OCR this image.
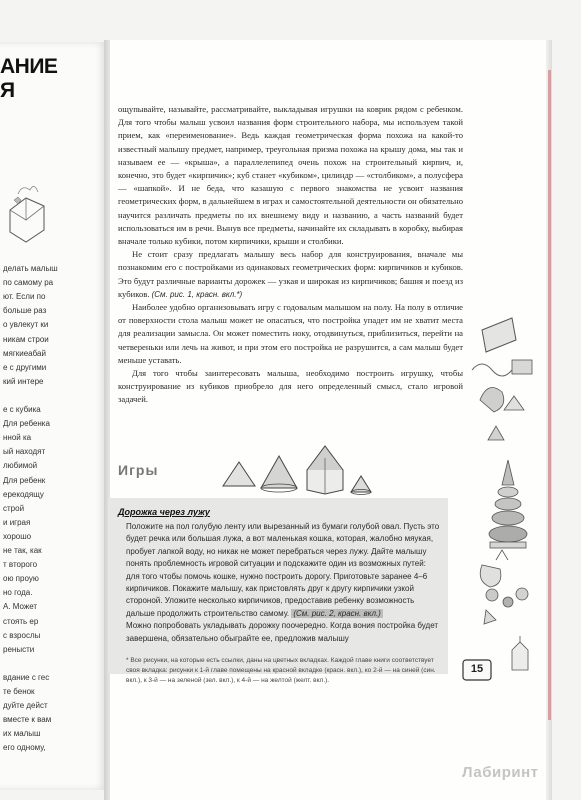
АНИЕ
Я
делать малыш
по самому ра
ют. Если по
больше раз
о увлекут ки
никам строи
мягкиеабай
е с другими
кий интере
е с кубика
Для ребенка
нной ка
ый находят
любимой
Для ребенк
ерекодящу
строй
и играя
хорошо
не так, как
т второго
ою проую
но года.
А. Может
стоять ер
с взрослы
ренысти
вдание с гес
те бенок
дуйте дейст
вместе к вам
их малыш
его одному,

ощупывайте, называйте, рассматривайте, выкладывая игрушки на коврик рядом с ребенком. Для того чтобы малыш усвоил названия форм строительного набора, мы используем такой прием, как «переименование». Ведь каждая геометрическая форма похожа на какой-то известный малышу предмет, например, треугольная призма похожа на крышу дома, мы так и называем ее — «крыша», а параллелепипед очень похож на строительный кирпич, и, конечно, это будет «кирпичик»; куб станет «кубиком», цилиндр — «столбиком», а полусфера — «шапкой». И не беда, что казашую с первого знакомства не усвоит названия геометрических форм, в дальнейшем в играх и самостоятельной деятельности он обязательно научится различать предметы по их внешнему виду и названию, а часть названий будет использоваться им в речи. Вынув все предметы, начинайте их складывать в коробку, выбирая вначале только кубики, потом кирпичики, крыши и столбики.

Не стоит сразу предлагать малышу весь набор для конструирования, вначале мы познакомим его с постройками из одинаковых геометрических форм: кирпичиков и кубиков. Это будут различные варианты дорожек — узкая и широкая из кирпичиков; башня и поезд из кубиков. (См. рис. 1, красн. вкл.*)

Наиболее удобно организовывать игру с годовалым малышом на полу. На полу в отличие от поверхности стола малыш может не опасаться, что постройка упадет им не хватит места для реализации замысла. Он может поместить ноку, отодвинуться, приблизиться, перейти на четвереньки или лечь на живот, и при этом его постройка не разрушится, а сам малыш будет меньше уставать.

Для того чтобы заинтересовать малыша, необходимо построить игрушку, чтобы конструирование из кубиков приобрело для него определенный смысл, стало игровой задачей.

Игры
Дорожка через лужу

Положите на пол голубую ленту или вырезанный из бумаги голубой овал. Пусть это будет речка или большая лужа, а вот маленькая кошка, которая, жалобно мяукая, пробует лапкой воду, но никак не может перебраться через лужу. Дайте малышу понять проблемность игровой ситуации и подскажите один из возможных путей: для того чтобы помочь кошке, нужно построить дорогу. Приготовьте заранее 4–6 кирпичиков. Покажите малышу, как пристовлять друг к другу кирпичики узкой стороной. Уложите несколько кирпичиков, предоставив ребенку возможность дальше продолжить строительство самому. (См. рис. 2, красн. вкл.)

Можно попробовать укладывать дорожку поочередно. Когда вония постройка будет завершена, обязательно обыграйте ее, предложив малышу

* Все рисунки, на которые есть ссылки, даны на цветных вкладках. Каждой главе книги соответствует своя вкладка: рисунки к 1-й главе помещены на красной вкладке (красн. вкл.), ко 2-й — на синей (син. вкл.), к 3-й — на зеленой (зел. вкл.), к 4-й — на желтой (желт. вкл.).
15
Лабиринт
